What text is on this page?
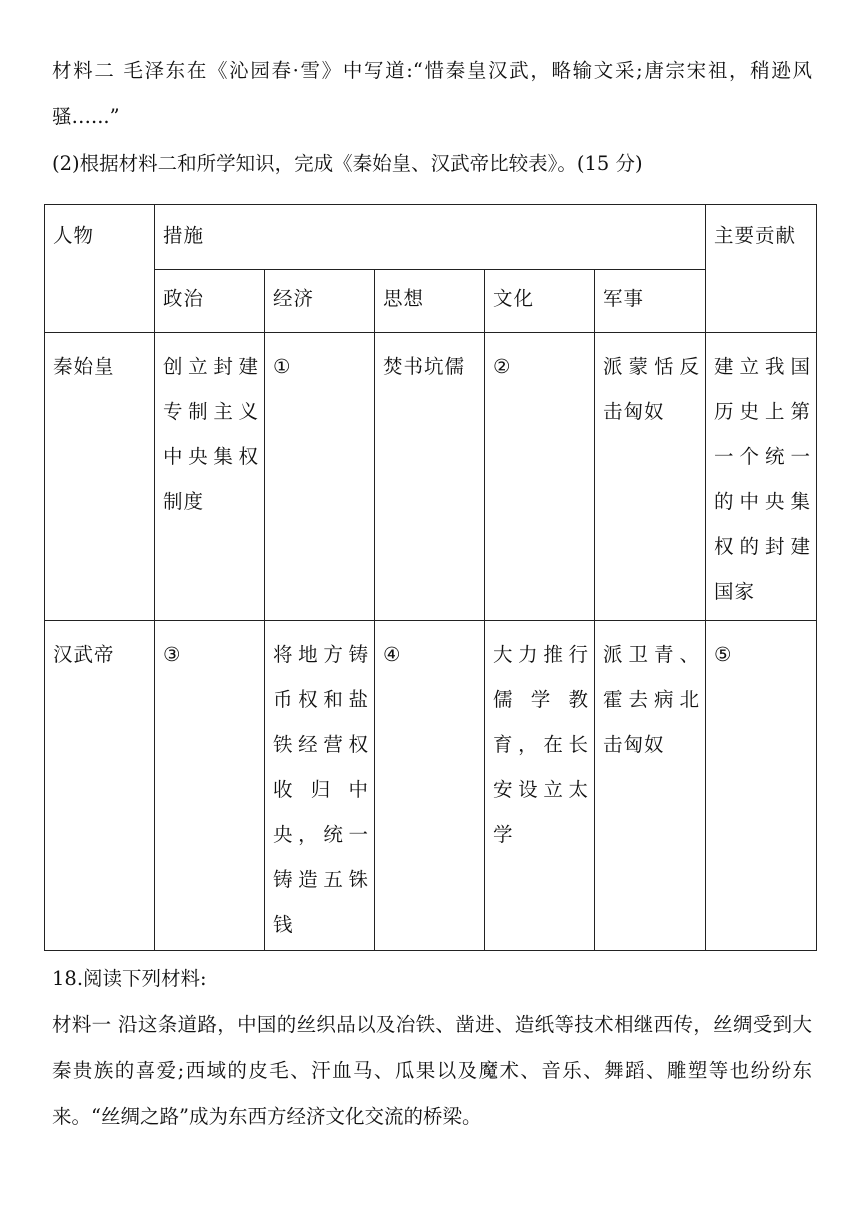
材料二 毛泽东在《沁园春·雪》中写道:“惜秦皇汉武，略输文采;唐宗宋祖，稍逊风骚…...”

(2)根据材料二和所学知识，完成《秦始皇、汉武帝比较表》。(15 分)

人物	措施					主要贡献
	政治	经济	思想	文化	军事	
秦始皇	创立封建专制主义中央集权制度	①	焚书坑儒	②	派蒙恬反击匈奴	建立我国历史上第一个统一的中央集权的封建国家
汉武帝	③	将地方铸币权和盐铁经营权收归中央，统一铸造五铢钱	④	大力推行儒学教育，在长安设立太学	派卫青、霍去病北击匈奴	⑤

18.阅读下列材料:

材料一 沿这条道路，中国的丝织品以及冶铁、凿进、造纸等技术相继西传，丝绸受到大秦贵族的喜爱;西域的皮毛、汗血马、瓜果以及魔术、音乐、舞蹈、雕塑等也纷纷东来。“丝绸之路”成为东西方经济文化交流的桥梁。
